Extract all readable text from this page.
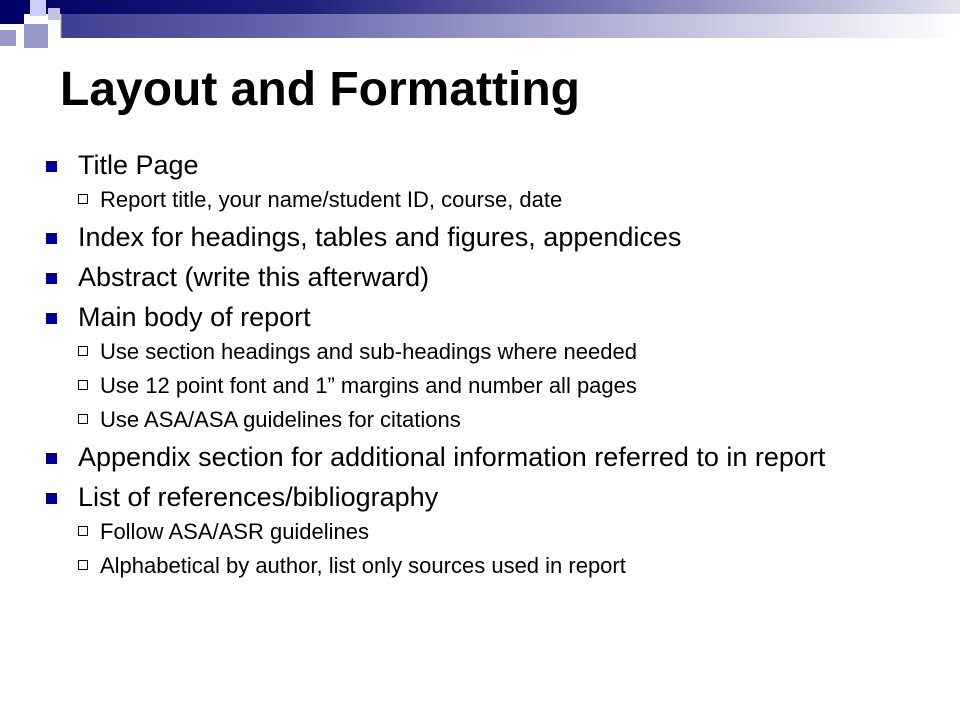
Layout and Formatting
Title Page
Report title, your name/student ID, course, date
Index for headings, tables and figures, appendices
Abstract (write this afterward)
Main body of report
Use section headings and sub-headings where needed
Use 12 point font and 1” margins and number all pages
Use ASA/ASA guidelines for citations
Appendix section for additional information referred to in report
List of references/bibliography
Follow ASA/ASR guidelines
Alphabetical by author, list only sources used in report
